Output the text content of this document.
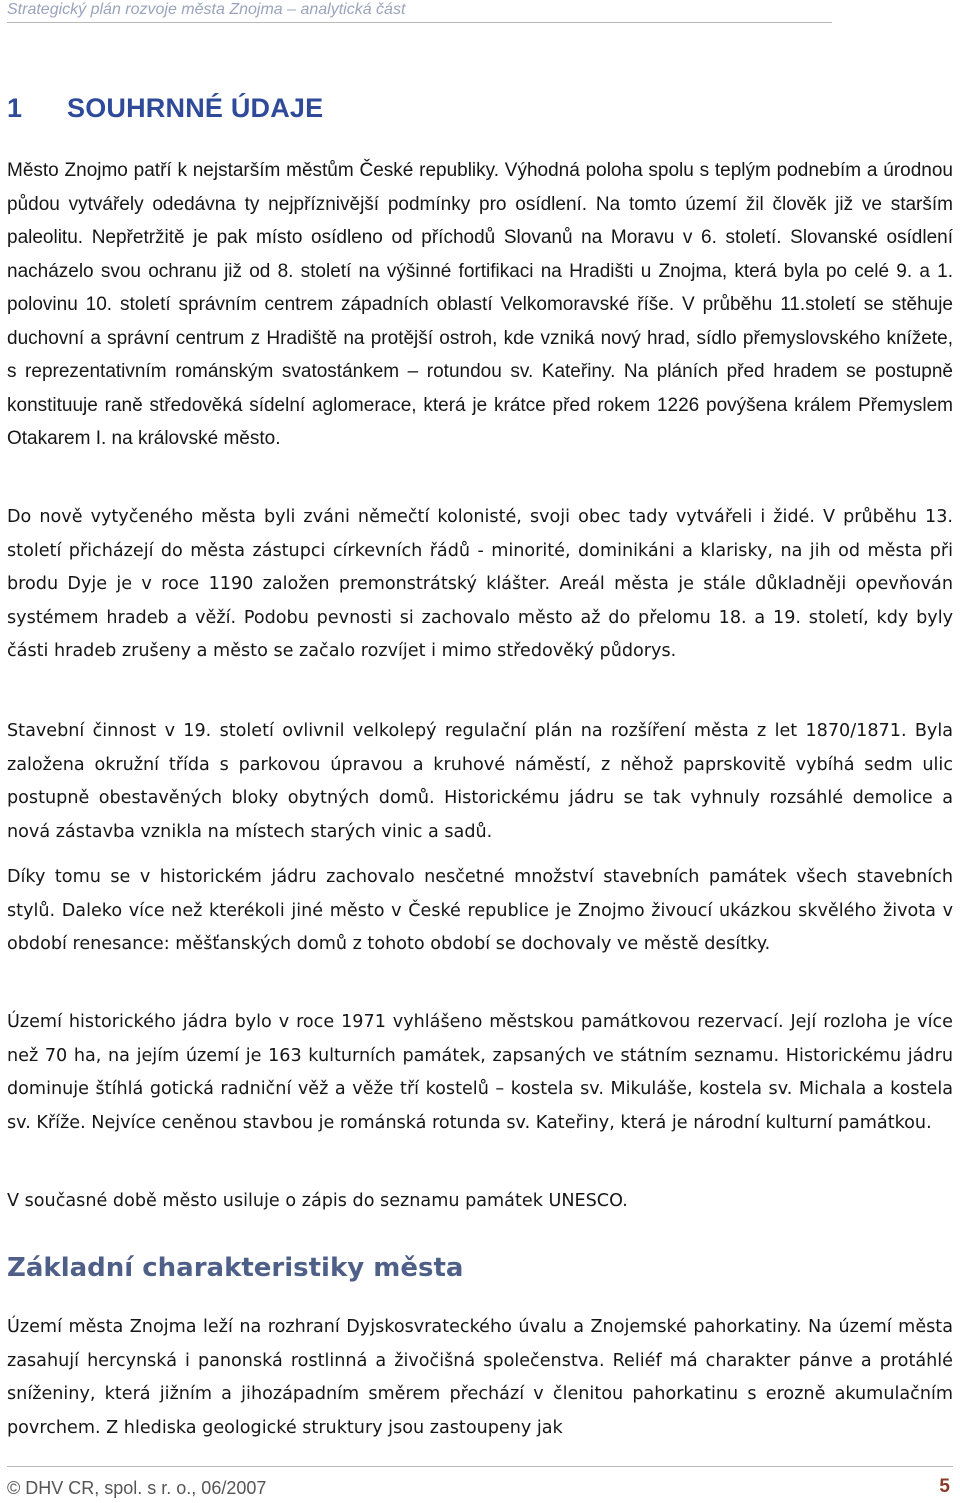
Strategický plán rozvoje města Znojma – analytická část
1 SOUHRNNÉ ÚDAJE

Město Znojmo patří k nejstarším městům České republiky. Výhodná poloha spolu s teplým podnebím a úrodnou půdou vytvářely odedávna ty nejpříznivější podmínky pro osídlení. Na tomto území žil člověk již ve starším paleolitu. Nepřetržitě je pak místo osídleno od příchodů Slovanů na Moravu v 6. století. Slovanské osídlení nacházelo svou ochranu již od 8. století na výšinné fortifikaci na Hradišti u Znojma, která byla po celé 9. a 1. polovinu 10. století správním centrem západních oblastí Velkomoravské říše. V průběhu 11.století se stěhuje duchovní a správní centrum z Hradiště na protější ostroh, kde vzniká nový hrad, sídlo přemyslovského knížete, s reprezentativním románským svatostánkem – rotundou sv. Kateřiny. Na pláních před hradem se postupně konstituuje raně středověká sídelní aglomerace, která je krátce před rokem 1226 povýšena králem Přemyslem Otakarem I. na královské město.

Do nově vytyčeného města byli zváni němečtí kolonisté, svoji obec tady vytvářeli i židé. V průběhu 13. století přicházejí do města zástupci církevních řádů - minorité, dominikáni a klarisky, na jih od města při brodu Dyje je v roce 1190 založen premonstrátský klášter. Areál města je stále důkladněji opevňován systémem hradeb a věží. Podobu pevnosti si zachovalo město až do přelomu 18. a 19. století, kdy byly části hradeb zrušeny a město se začalo rozvíjet i mimo středověký půdorys.

Stavební činnost v 19. století ovlivnil velkolepý regulační plán na rozšíření města z let 1870/1871. Byla založena okružní třída s parkovou úpravou a kruhové náměstí, z něhož paprskovitě vybíhá sedm ulic postupně obestavěných bloky obytných domů. Historickému jádru se tak vyhnuly rozsáhlé demolice a nová zástavba vznikla na místech starých vinic a sadů.

Díky tomu se v historickém jádru zachovalo nesčetné množství stavebních památek všech stavebních stylů. Daleko více než kterékoli jiné město v České republice je Znojmo živoucí ukázkou skvělého života v období renesance: měšťanských domů z tohoto období se dochovaly ve městě desítky.

Území historického jádra bylo v roce 1971 vyhlášeno městskou památkovou rezervací. Její rozloha je více než 70 ha, na jejím území je 163 kulturních památek, zapsaných ve státním seznamu. Historickému jádru dominuje štíhlá gotická radniční věž a věže tří kostelů – kostela sv. Mikuláše, kostela sv. Michala a kostela sv. Kříže. Nejvíce ceněnou stavbou je románská rotunda sv. Kateřiny, která je národní kulturní památkou.

V současné době město usiluje o zápis do seznamu památek UNESCO.

Základní charakteristiky města

Území města Znojma leží na rozhraní Dyjskosvrateckého úvalu a Znojemské pahorkatiny. Na území města zasahují hercynská i panonská rostlinná a živočišná společenstva. Reliéf má charakter pánve a protáhlé sníženiny, která jižním a jihozápadním směrem přechází v členitou pahorkatinu s erozně akumulačním povrchem. Z hlediska geologické struktury jsou zastoupeny jak

© DHV CR, spol. s r. o., 06/2007	5
